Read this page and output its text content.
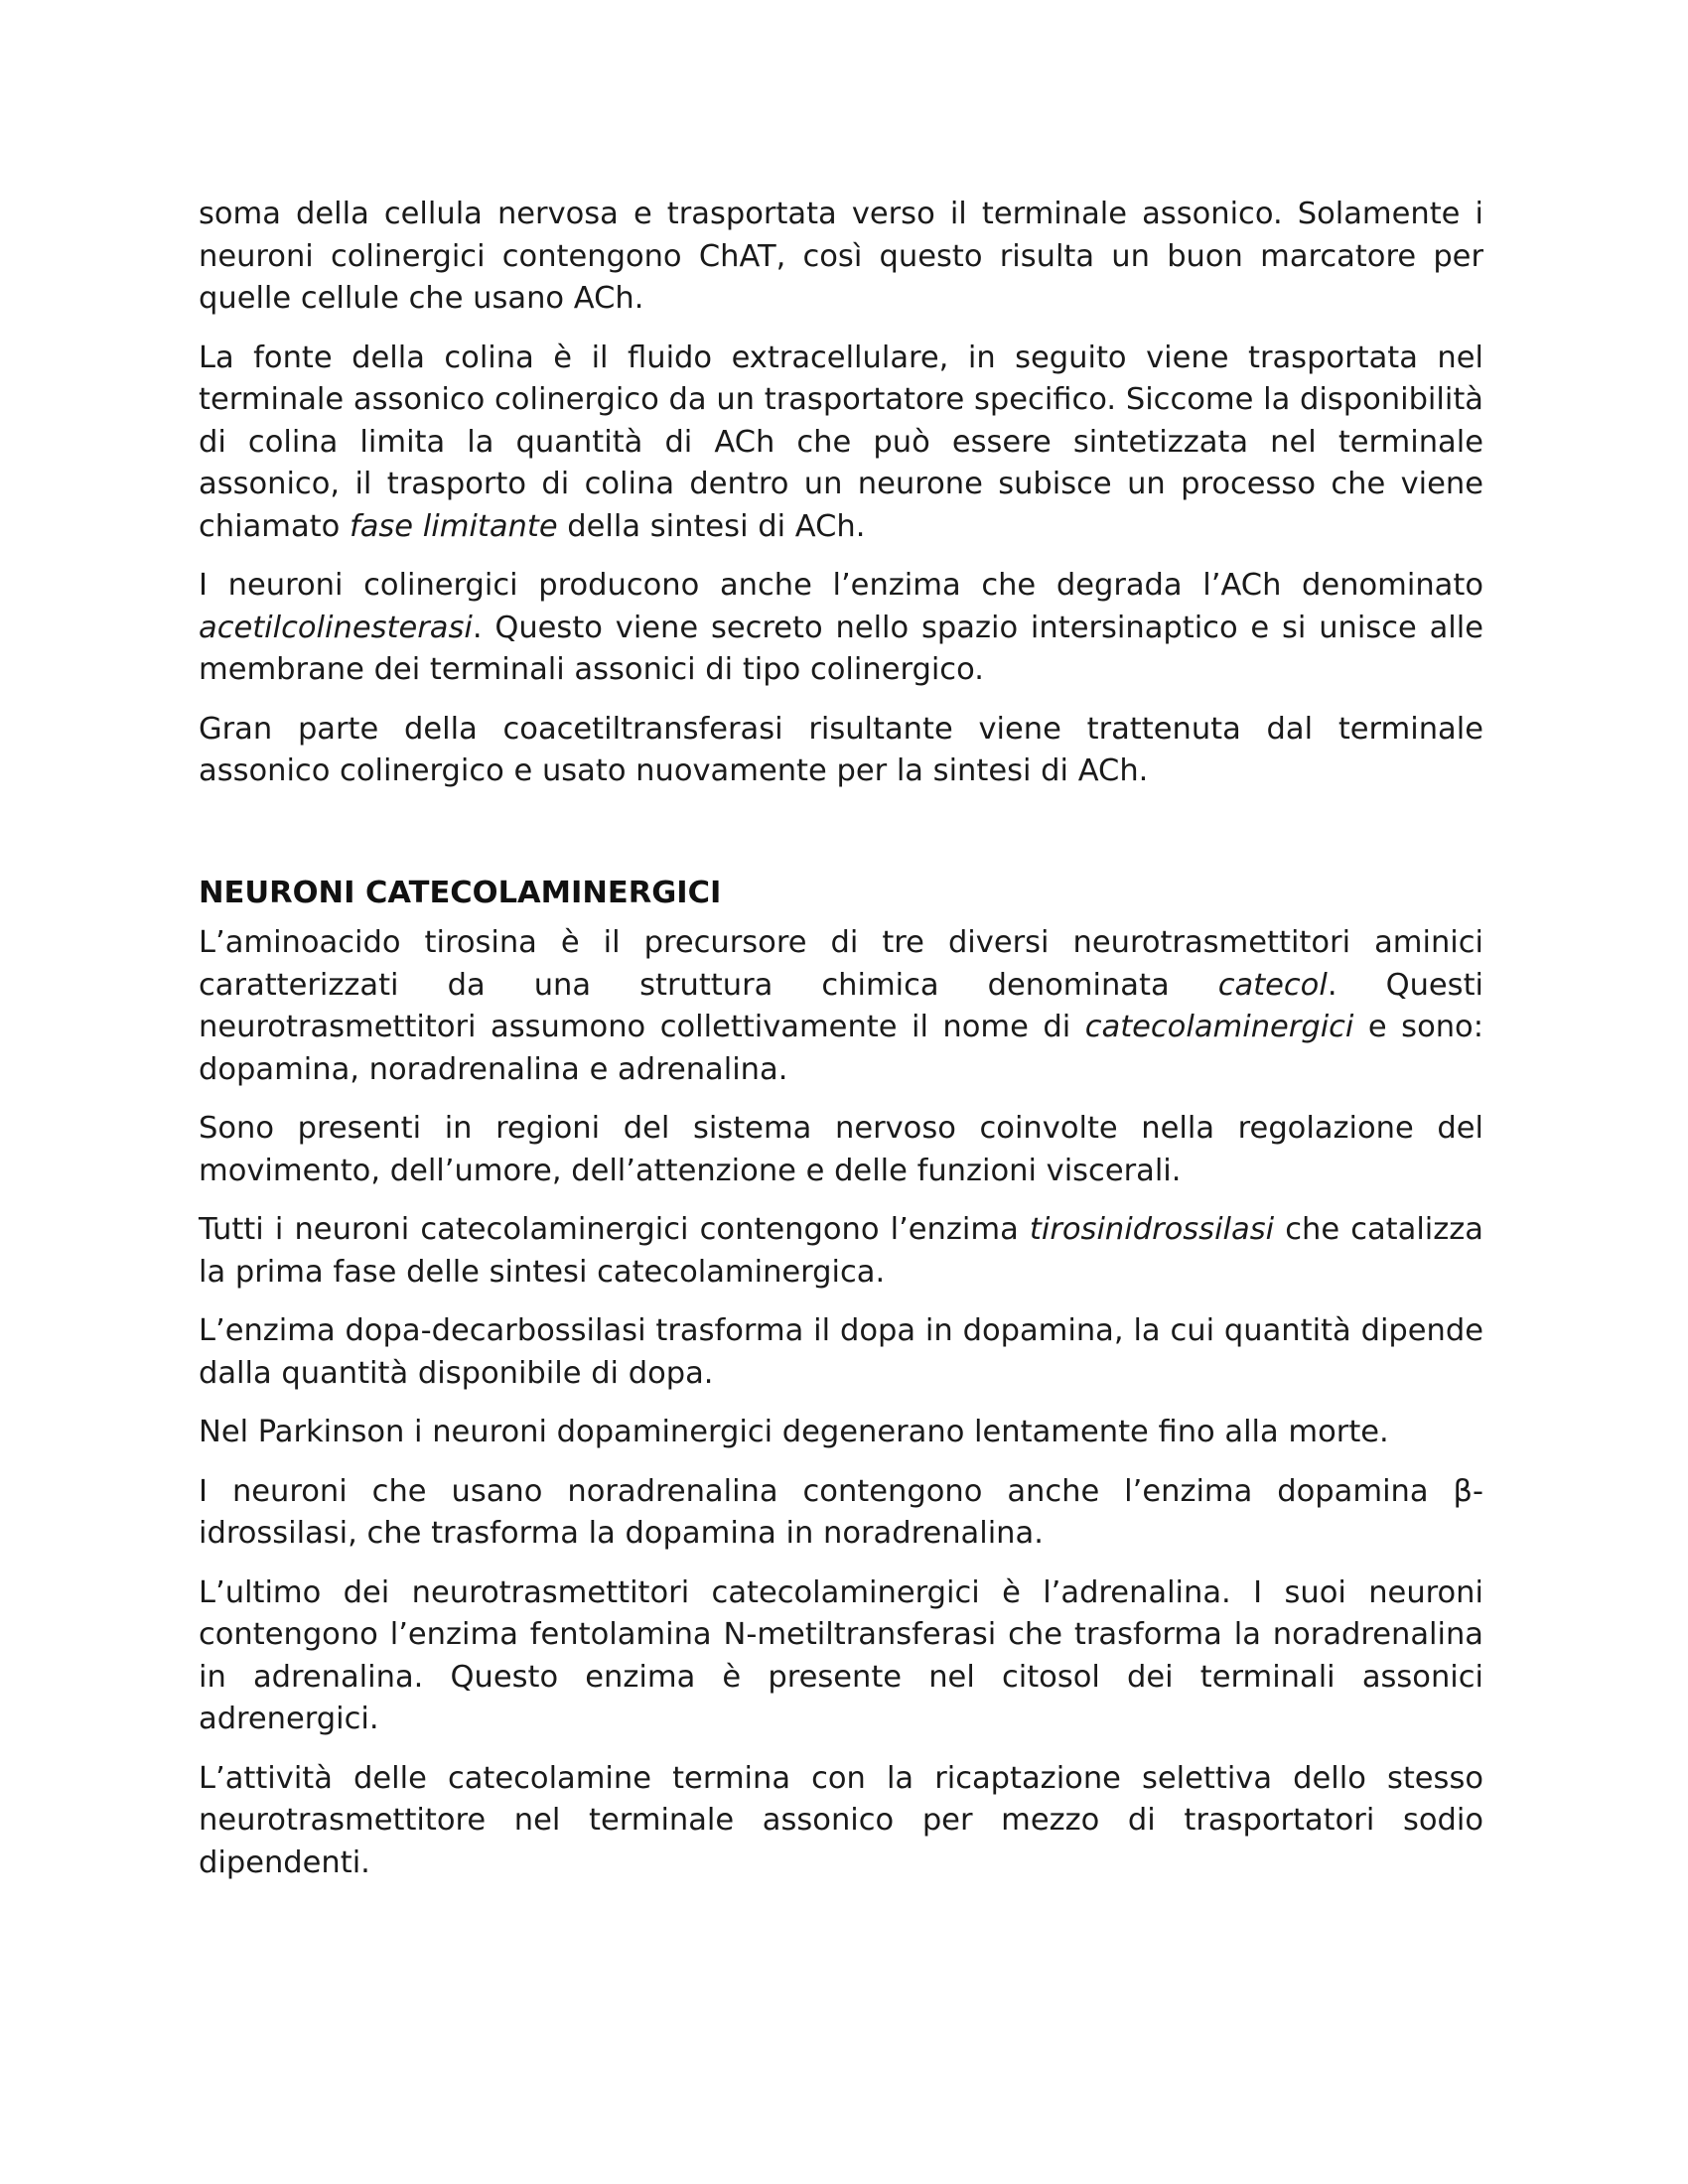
soma della cellula nervosa e trasportata verso il terminale assonico. Solamente i neuroni colinergici contengono ChAT, così questo risulta un buon marcatore per quelle cellule che usano ACh.

La fonte della colina è il fluido extracellulare, in seguito viene trasportata nel terminale assonico colinergico da un trasportatore specifico. Siccome la disponibilità di colina limita la quantità di ACh che può essere sintetizzata nel terminale assonico, il trasporto di colina dentro un neurone subisce un processo che viene chiamato fase limitante della sintesi di ACh.

I neuroni colinergici producono anche l’enzima che degrada l’ACh denominato acetilcolinesterasi. Questo viene secreto nello spazio intersinaptico e si unisce alle membrane dei terminali assonici di tipo colinergico.

Gran parte della coacetiltransferasi risultante viene trattenuta dal terminale assonico colinergico e usato nuovamente per la sintesi di ACh.

NEURONI CATECOLAMINERGICI

L’aminoacido tirosina è il precursore di tre diversi neurotrasmettitori aminici caratterizzati da una struttura chimica denominata catecol. Questi neurotrasmettitori assumono collettivamente il nome di catecolaminergici e sono: dopamina, noradrenalina e adrenalina.

Sono presenti in regioni del sistema nervoso coinvolte nella regolazione del movimento, dell’umore, dell’attenzione e delle funzioni viscerali.

Tutti i neuroni catecolaminergici contengono l’enzima tirosinidrossilasi che catalizza la prima fase delle sintesi catecolaminergica.

L’enzima dopa-decarbossilasi trasforma il dopa in dopamina, la cui quantità dipende dalla quantità disponibile di dopa.

Nel Parkinson i neuroni dopaminergici degenerano lentamente fino alla morte.

I neuroni che usano noradrenalina contengono anche l’enzima dopamina β-idrossilasi, che trasforma la dopamina in noradrenalina.

L’ultimo dei neurotrasmettitori catecolaminergici è l’adrenalina. I suoi neuroni contengono l’enzima fentolamina N-metiltransferasi che trasforma la noradrenalina in adrenalina. Questo enzima è presente nel citosol dei terminali assonici adrenergici.

L’attività delle catecolamine termina con la ricaptazione selettiva dello stesso neurotrasmettitore nel terminale assonico per mezzo di trasportatori sodio dipendenti.
